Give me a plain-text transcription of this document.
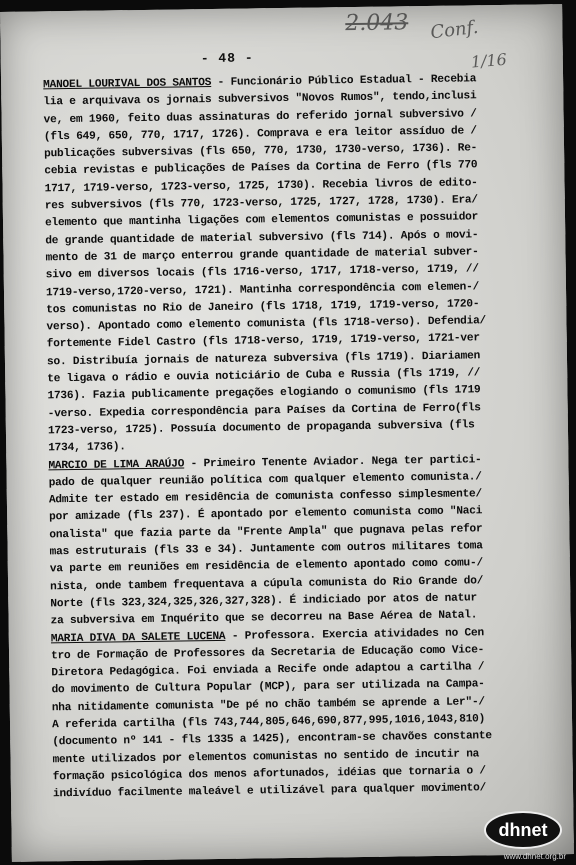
2.043 Conf.
1/16
- 48 -
MANOEL LOURIVAL DOS SANTOS - Funcionário Público Estadual - Recebia
lia e arquivava os jornais subversivos "Novos Rumos", tendo,inclusi
ve, em 1960, feito duas assinaturas do referido jornal subversivo /
(fls 649, 650, 770, 1717, 1726). Comprava e era leitor assíduo de /
publicações subversivas (fls 650, 770, 1730, 1730-verso, 1736). Re-
cebia revistas e publicações de Países da Cortina de Ferro (fls 770
1717, 1719-verso, 1723-verso, 1725, 1730). Recebia livros de edito-
res subversivos (fls 770, 1723-verso, 1725, 1727, 1728, 1730). Era/
elemento que mantinha ligações com elementos comunistas e possuidor
de grande quantidade de material subversivo (fls 714). Após o movi-
mento de 31 de março enterrou grande quantidade de material subver-
sivo em diversos locais (fls 1716-verso, 1717, 1718-verso, 1719, //
1719-verso,1720-verso, 1721). Mantinha correspondência com elemen-/
tos comunistas no Rio de Janeiro (fls 1718, 1719, 1719-verso, 1720-
verso). Apontado como elemento comunista (fls 1718-verso). Defendia/
fortemente Fidel Castro (fls 1718-verso, 1719, 1719-verso, 1721-ver
so. Distribuía jornais de natureza subversiva (fls 1719). Diariamen
te ligava o rádio e ouvia noticiário de Cuba e Russia (fls 1719, //
1736). Fazia publicamente pregações elogiando o comunismo (fls 1719
-verso. Expedia correspondência para Países da Cortina de Ferro(fls
1723-verso, 1725). Possuía documento de propaganda subversiva (fls
1734, 1736).
MARCIO DE LIMA ARAÚJO - Primeiro Tenente Aviador. Nega ter partici-
pado de qualquer reunião política com qualquer elemento comunista./
Admite ter estado em residência de comunista confesso simplesmente/
por amizade (fls 237). É apontado por elemento comunista como "Naci
onalista" que fazia parte da "Frente Ampla" que pugnava pelas refor
mas estruturais (fls 33 e 34). Juntamente com outros militares toma
va parte em reuniões em residência de elemento apontado como comu-/
nista, onde tambem frequentava a cúpula comunista do Rio Grande do/
Norte (fls 323,324,325,326,327,328). É indiciado por atos de natur
za subversiva em Inquérito que se decorreu na Base Aérea de Natal.
MARIA DIVA DA SALETE LUCENA - Professora. Exercia atividades no Cen
tro de Formação de Professores da Secretaria de Educação como Vice-
Diretora Pedagógica. Foi enviada a Recife onde adaptou a cartilha /
do movimento de Cultura Popular (MCP), para ser utilizada na Campa-
nha nitidamente comunista "De pé no chão também se aprende a Ler"-/
A referida cartilha (fls 743,744,805,646,690,877,995,1016,1043,810)
(documento nº 141 - fls 1335 a 1425), encontram-se chavões constante
mente utilizados por elementos comunistas no sentido de incutir na
formação psicológica dos menos afortunados, idéias que tornaria o /
indivíduo facilmente maleável e utilizável para qualquer movimento/
dhnet
www.dhnet.org.br
